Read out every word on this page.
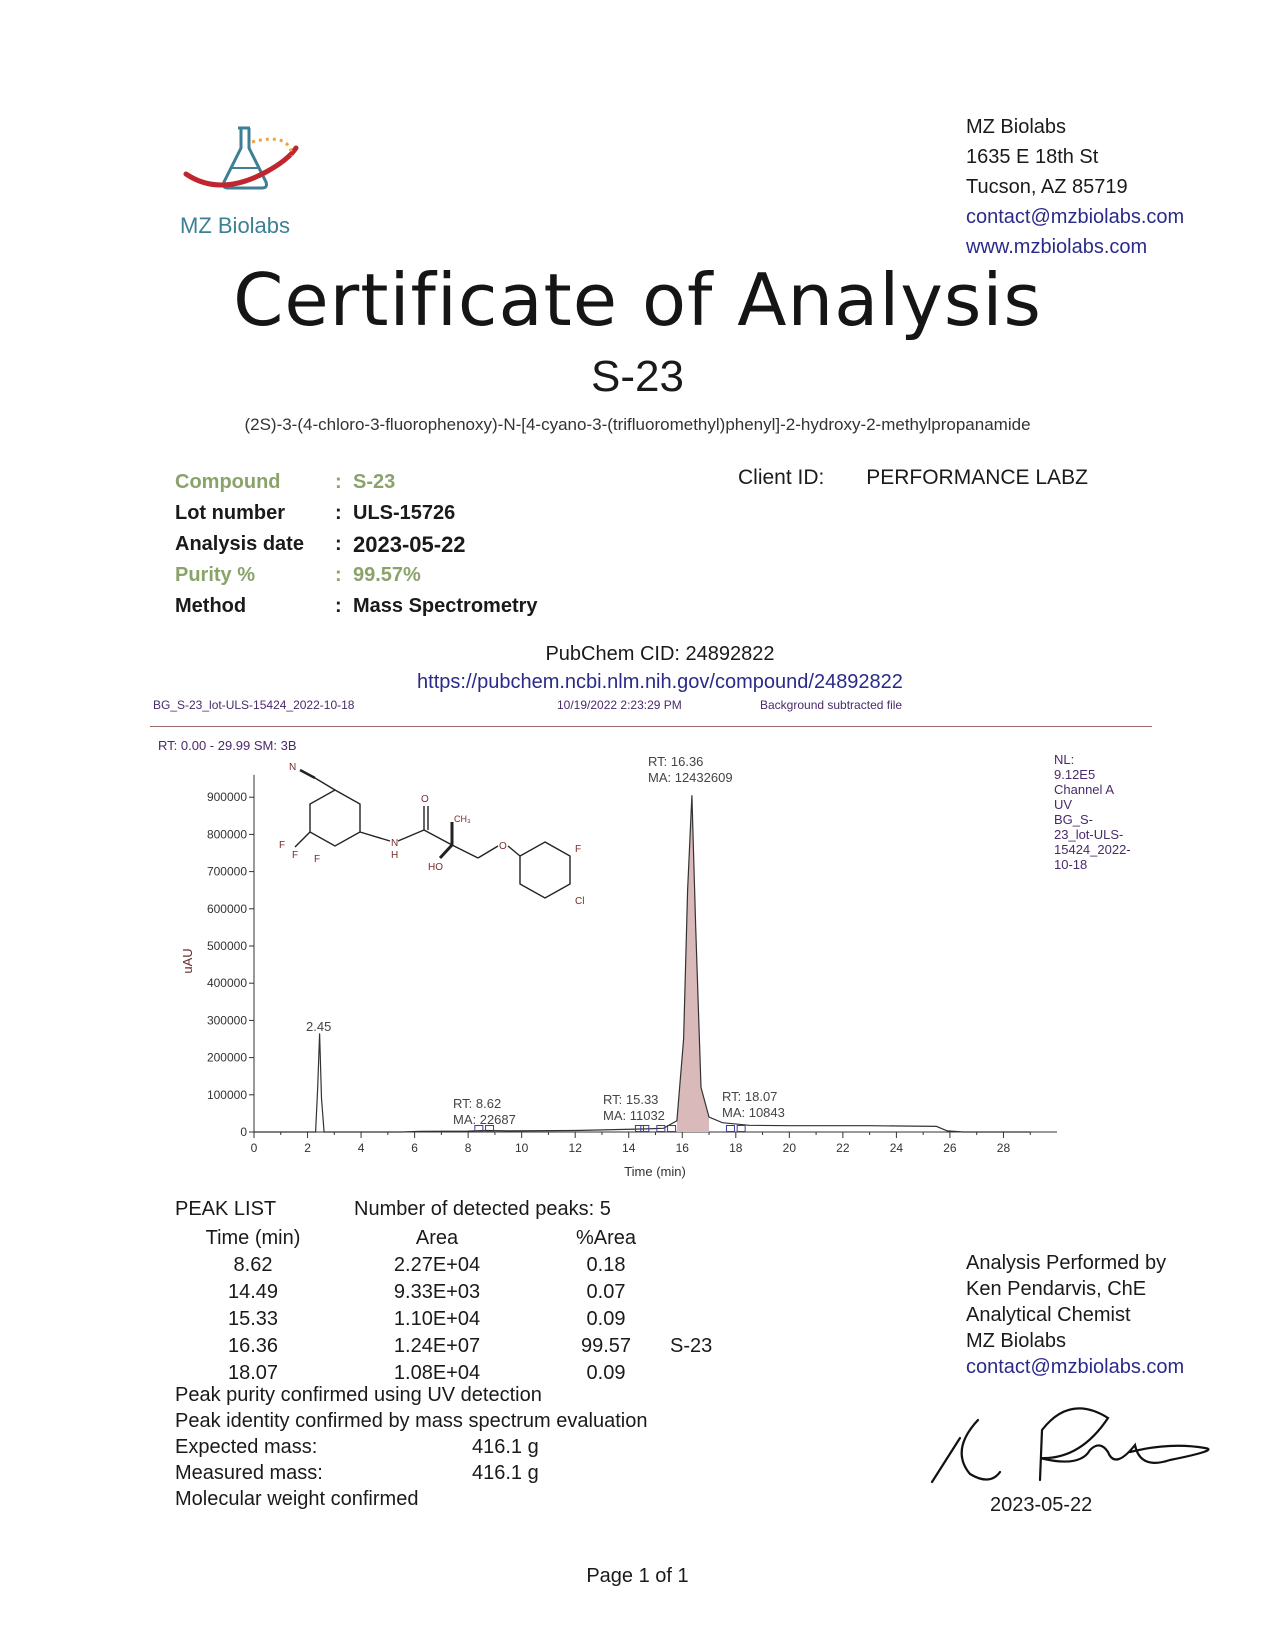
MZ Biolabs
MZ Biolabs
1635 E 18th St
Tucson, AZ 85719
contact@mzbiolabs.com
www.mzbiolabs.com
Certificate of Analysis
S-23
(2S)-3-(4-chloro-3-fluorophenoxy)-N-[4-cyano-3-(trifluoromethyl)phenyl]-2-hydroxy-2-methylpropanamide
Compound	: S-23
Lot number	: ULS-15726
Analysis date	: 2023-05-22
Purity %	: 99.57%
Method	: Mass Spectrometry
Client ID: PERFORMANCE LABZ
PubChem CID: 24892822
https://pubchem.ncbi.nlm.nih.gov/compound/24892822
BG_S-23_lot-ULS-15424_2022-10-18	10/19/2022 2:23:29 PM	Background subtracted file
RT: 0.00 - 29.99 SM: 3B
NL:
9.12E5
Channel A
UV
BG_S-
23_lot-ULS-
15424_2022-
10-18
0	2	4	6	8	10	12	14	16	18	20	22	24	26	28
0
100000
200000
300000
400000
500000
600000
700000
800000
900000
Time (min)
uAU
2.45
RT: 8.62
MA: 22687
RT: 15.33
MA: 11032
RT: 16.36
MA: 12432609
RT: 18.07
MA: 10843
N
F
F
F
N
H
O
CH₃
HO
O	F
Cl
PEAK LIST	Number of detected peaks: 5
Time (min)	Area	%Area	
8.62	2.27E+04	0.18	
14.49	9.33E+03	0.07	
15.33	1.10E+04	0.09	
16.36	1.24E+07	99.57	S-23
18.07	1.08E+04	0.09	
Peak purity confirmed using UV detection
Peak identity confirmed by mass spectrum evaluation
Expected mass:	416.1 g
Measured mass:	416.1 g
Molecular weight confirmed
Analysis Performed by
Ken Pendarvis, ChE
Analytical Chemist
MZ Biolabs
contact@mzbiolabs.com
2023-05-22
Page 1 of 1
